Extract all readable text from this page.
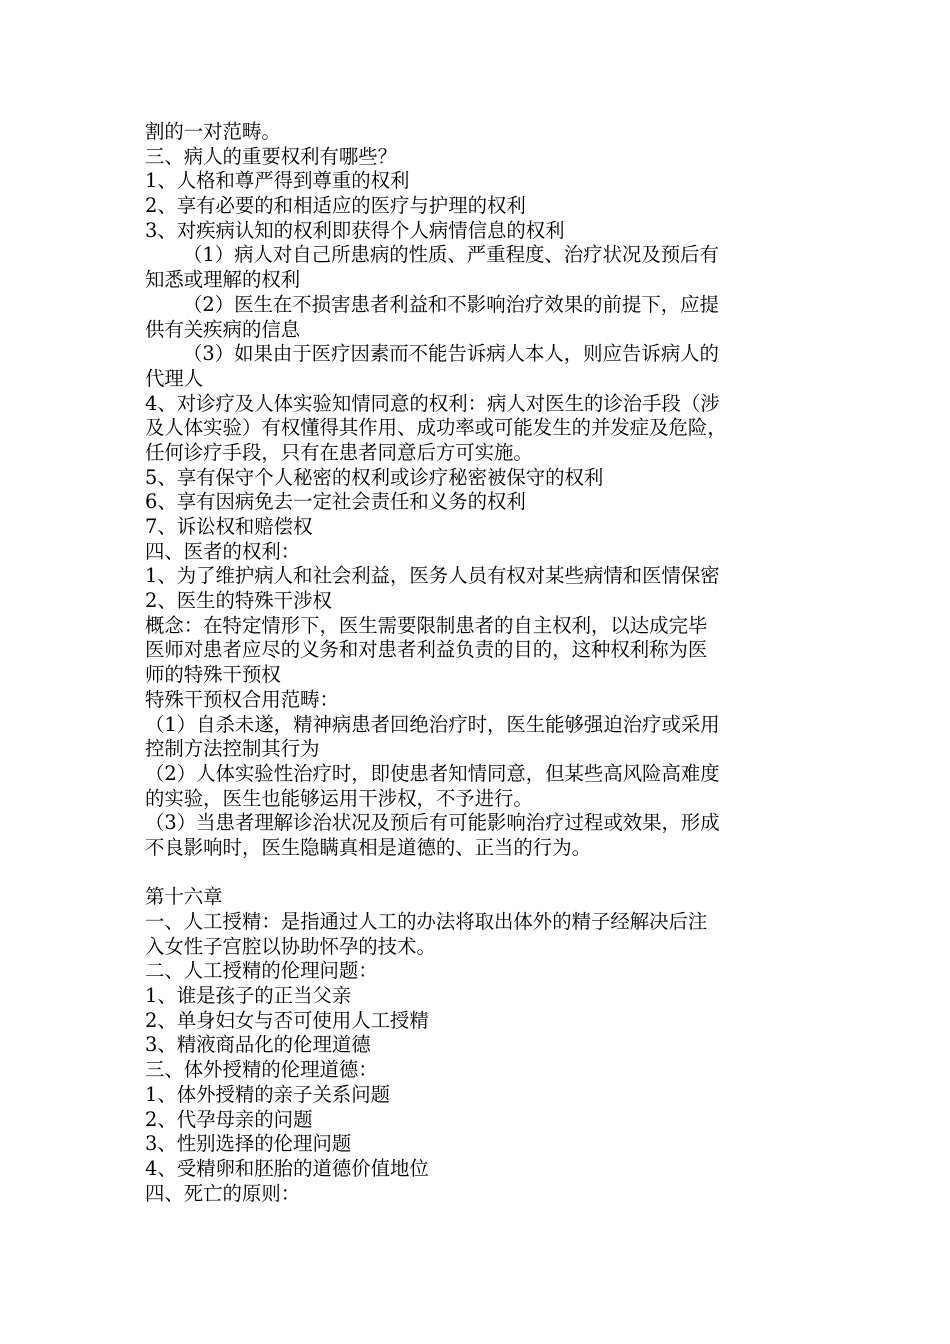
割的一对范畴。
三、病人的重要权利有哪些？
1、人格和尊严得到尊重的权利
2、享有必要的和相适应的医疗与护理的权利
3、对疾病认知的权利即获得个人病情信息的权利
（1）病人对自己所患病的性质、严重程度、治疗状况及预后有
知悉或理解的权利
（2）医生在不损害患者利益和不影响治疗效果的前提下，应提
供有关疾病的信息
（3）如果由于医疗因素而不能告诉病人本人，则应告诉病人的
代理人
4、对诊疗及人体实验知情同意的权利：病人对医生的诊治手段（涉
及人体实验）有权懂得其作用、成功率或可能发生的并发症及危险，
任何诊疗手段，只有在患者同意后方可实施。
5、享有保守个人秘密的权利或诊疗秘密被保守的权利
6、享有因病免去一定社会责任和义务的权利
7、诉讼权和赔偿权
四、医者的权利：
1、为了维护病人和社会利益，医务人员有权对某些病情和医情保密
2、医生的特殊干涉权
概念：在特定情形下，医生需要限制患者的自主权利，以达成完毕
医师对患者应尽的义务和对患者利益负责的目的，这种权利称为医
师的特殊干预权
特殊干预权合用范畴：
（1）自杀未遂，精神病患者回绝治疗时，医生能够强迫治疗或采用
控制方法控制其行为
（2）人体实验性治疗时，即使患者知情同意，但某些高风险高难度
的实验，医生也能够运用干涉权，不予进行。
（3）当患者理解诊治状况及预后有可能影响治疗过程或效果，形成
不良影响时，医生隐瞒真相是道德的、正当的行为。
第十六章
一、人工授精：是指通过人工的办法将取出体外的精子经解决后注
入女性子宫腔以协助怀孕的技术。
二、人工授精的伦理问题：
1、谁是孩子的正当父亲
2、单身妇女与否可使用人工授精
3、精液商品化的伦理道德
三、体外授精的伦理道德：
1、体外授精的亲子关系问题
2、代孕母亲的问题
3、性别选择的伦理问题
4、受精卵和胚胎的道德价值地位
四、死亡的原则：
